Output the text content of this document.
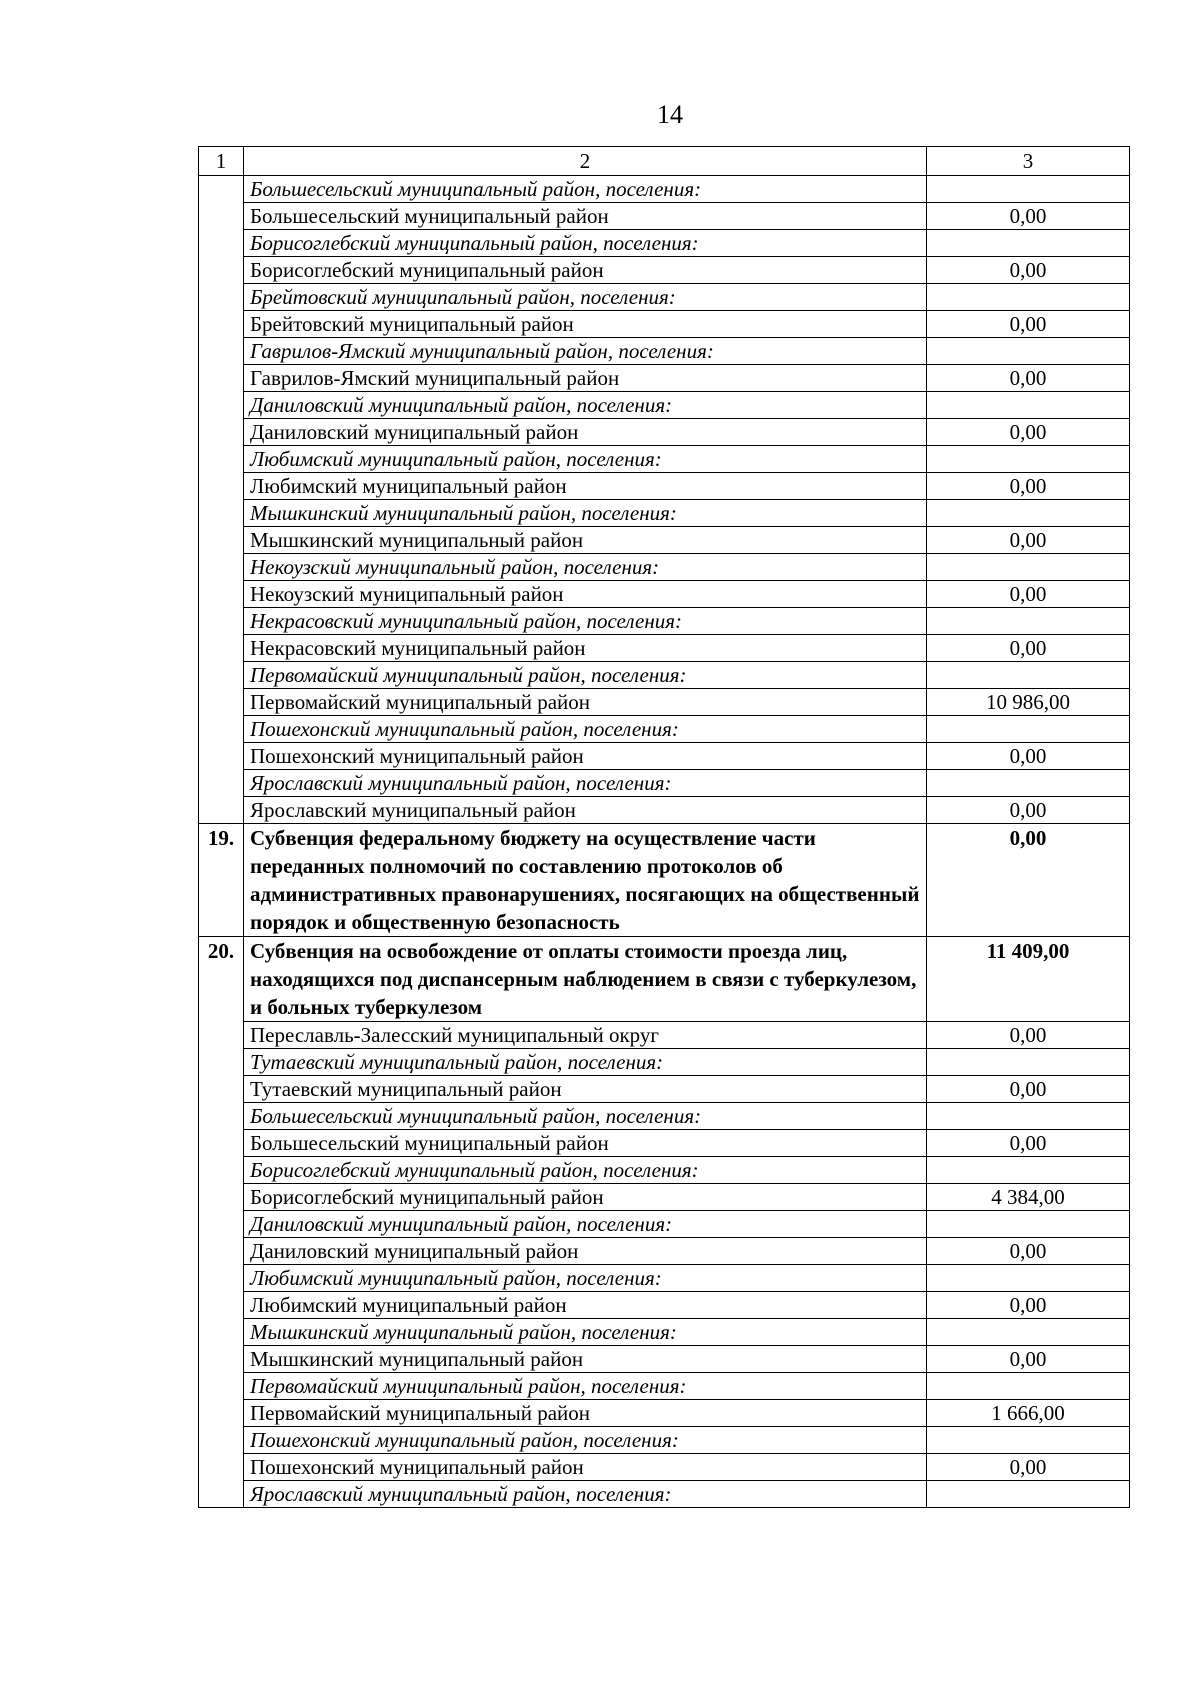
14
1	2	3
	Большесельский муниципальный район, поселения:	
	Большесельский муниципальный район	0,00
	Борисоглебский муниципальный район, поселения:	
	Борисоглебский муниципальный район	0,00
	Брейтовский муниципальный район, поселения:	
	Брейтовский муниципальный район	0,00
	Гаврилов-Ямский муниципальный район, поселения:	
	Гаврилов-Ямский муниципальный район	0,00
	Даниловский муниципальный район, поселения:	
	Даниловский муниципальный район	0,00
	Любимский муниципальный район, поселения:	
	Любимский муниципальный район	0,00
	Мышкинский муниципальный район, поселения:	
	Мышкинский муниципальный район	0,00
	Некоузский муниципальный район, поселения:	
	Некоузский муниципальный район	0,00
	Некрасовский муниципальный район, поселения:	
	Некрасовский муниципальный район	0,00
	Первомайский муниципальный район, поселения:	
	Первомайский муниципальный район	10 986,00
	Пошехонский муниципальный район, поселения:	
	Пошехонский муниципальный район	0,00
	Ярославский муниципальный район, поселения:	
	Ярославский муниципальный район	0,00
19.	Субвенция федеральному бюджету на осуществление части переданных полномочий по составлению протоколов об административных правонарушениях, посягающих на общественный порядок и общественную безопасность	0,00
20.	Субвенция на освобождение от оплаты стоимости проезда лиц, находящихся под диспансерным наблюдением в связи с туберкулезом, и больных туберкулезом	11 409,00
	Переславль-Залесский муниципальный округ	0,00
	Тутаевский муниципальный район, поселения:	
	Тутаевский муниципальный район	0,00
	Большесельский муниципальный район, поселения:	
	Большесельский муниципальный район	0,00
	Борисоглебский муниципальный район, поселения:	
	Борисоглебский муниципальный район	4 384,00
	Даниловский муниципальный район, поселения:	
	Даниловский муниципальный район	0,00
	Любимский муниципальный район, поселения:	
	Любимский муниципальный район	0,00
	Мышкинский муниципальный район, поселения:	
	Мышкинский муниципальный район	0,00
	Первомайский муниципальный район, поселения:	
	Первомайский муниципальный район	1 666,00
	Пошехонский муниципальный район, поселения:	
	Пошехонский муниципальный район	0,00
	Ярославский муниципальный район, поселения:	
